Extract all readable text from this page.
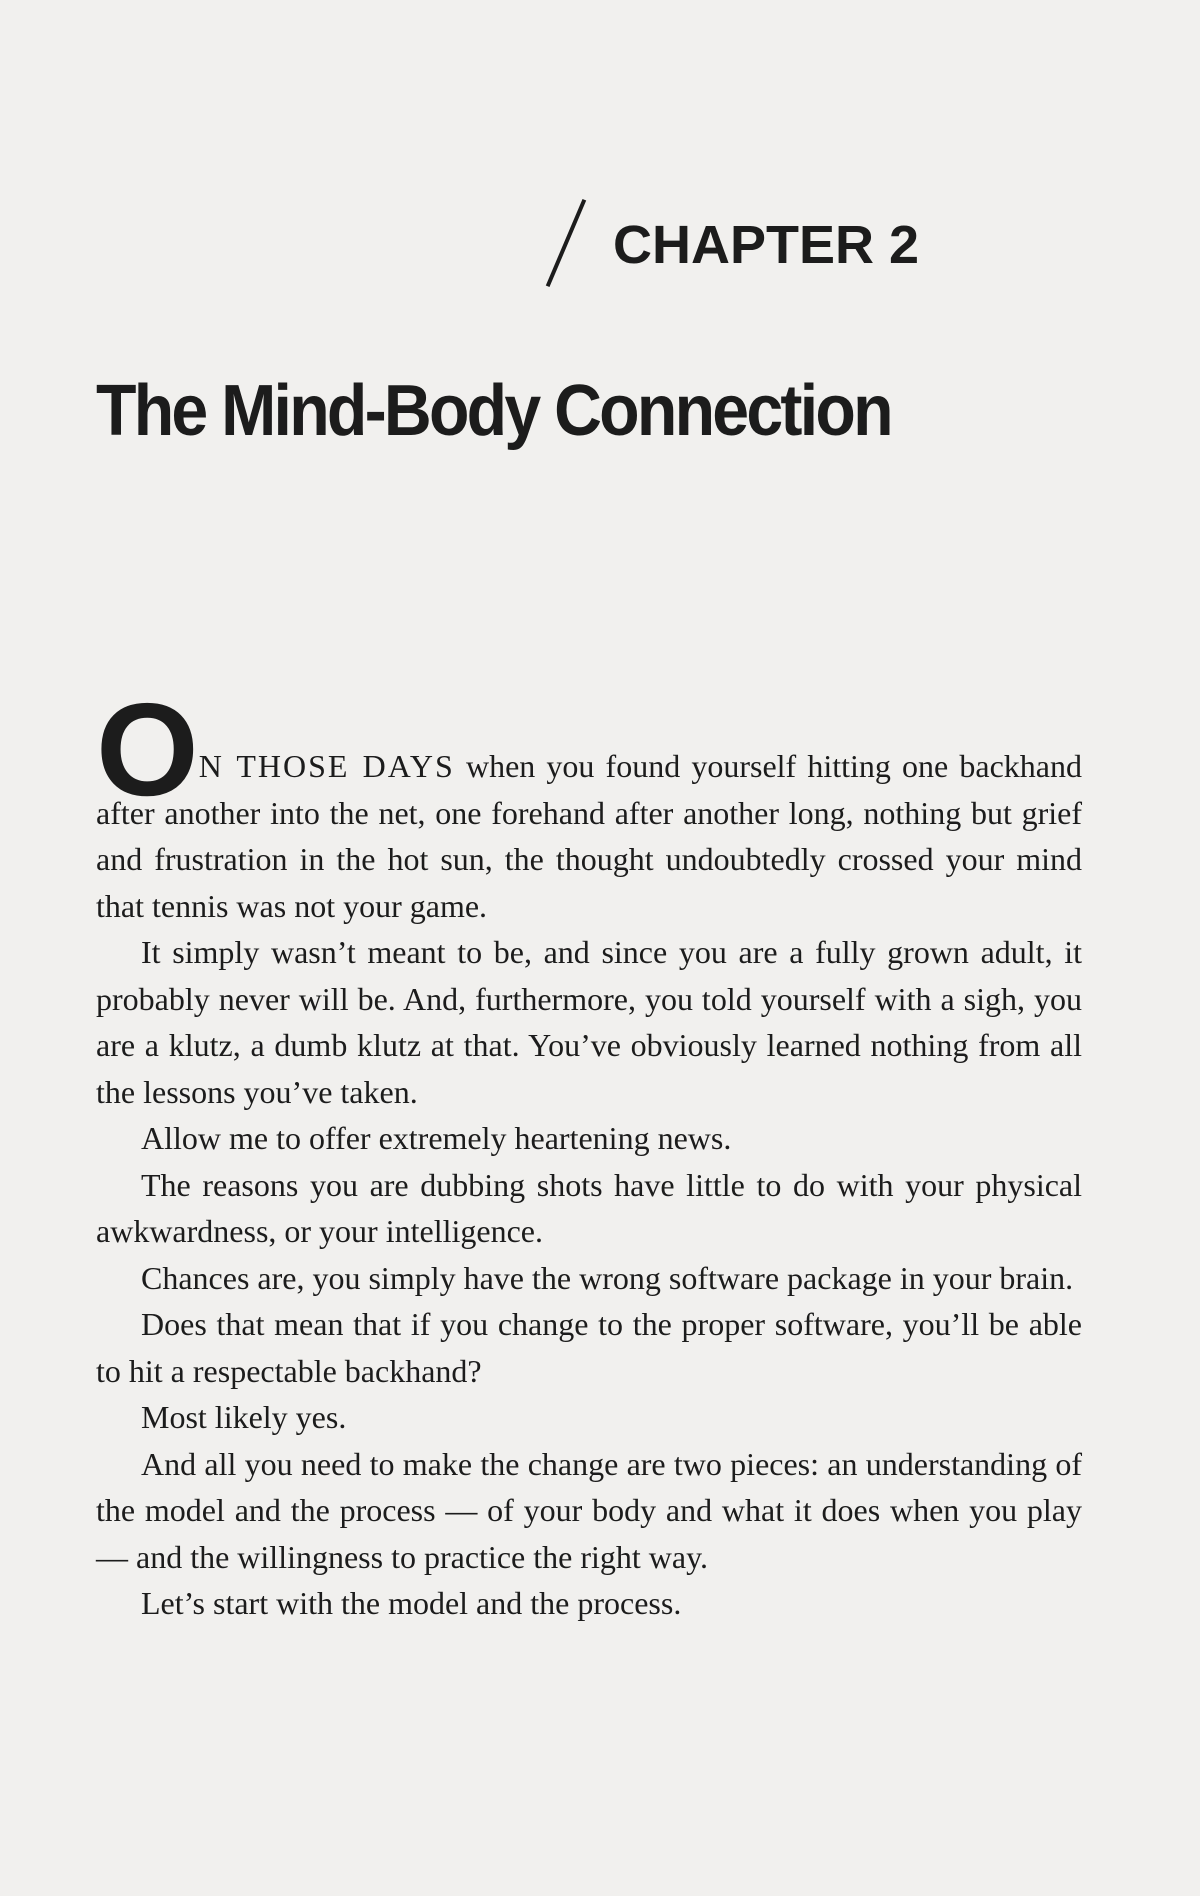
CHAPTER 2
The Mind-Body Connection

O N THOSE DAYS when you found yourself hitting one backhand after another into the net, one forehand after another long, nothing but grief and frustration in the hot sun, the thought undoubtedly crossed your mind that tennis was not your game.

It simply wasn’t meant to be, and since you are a fully grown adult, it probably never will be. And, furthermore, you told yourself with a sigh, you are a klutz, a dumb klutz at that. You’ve obviously learned nothing from all the lessons you’ve taken.

Allow me to offer extremely heartening news.

The reasons you are dubbing shots have little to do with your physical awkwardness, or your intelligence.

Chances are, you simply have the wrong software package in your brain.

Does that mean that if you change to the proper software, you’ll be able to hit a respectable backhand?

Most likely yes.

And all you need to make the change are two pieces: an understanding of the model and the process — of your body and what it does when you play — and the willingness to practice the right way.

Let’s start with the model and the process.
